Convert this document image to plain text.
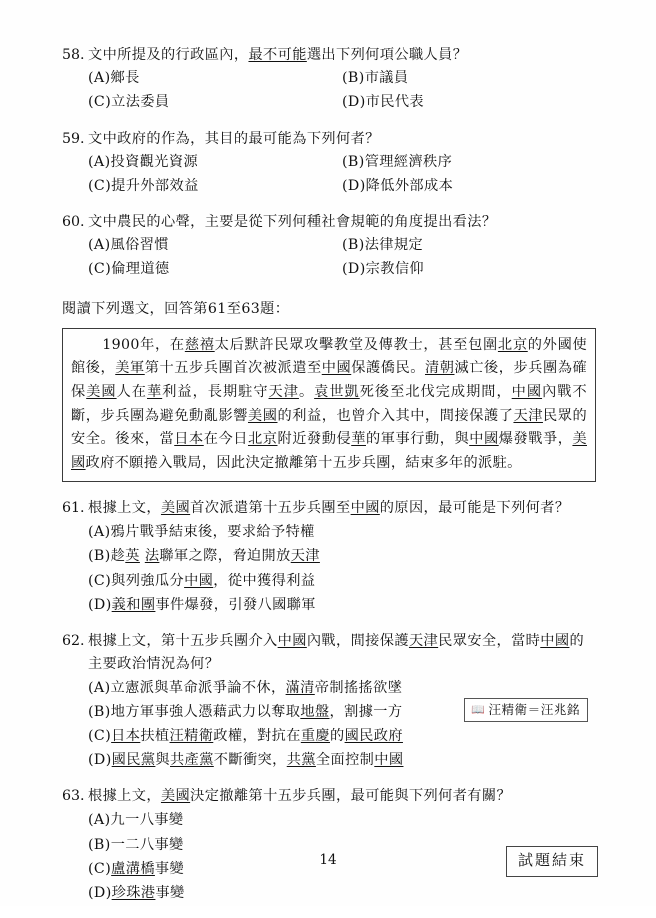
58. 文中所提及的行政區內，最不可能選出下列何項公職人員？
(A)鄉長	(B)市議員
(C)立法委員	(D)市民代表
59. 文中政府的作為，其目的最可能為下列何者？
(A)投資觀光資源	(B)管理經濟秩序
(C)提升外部效益	(D)降低外部成本
60. 文中農民的心聲，主要是從下列何種社會規範的角度提出看法？
(A)風俗習慣	(B)法律規定
(C)倫理道德	(D)宗教信仰
閱讀下列選文，回答第61至63題：
1900年，在慈禧太后默許民眾攻擊教堂及傳教士，甚至包圍北京的外國使館後，美軍第十五步兵團首次被派遣至中國保護僑民。清朝滅亡後，步兵團為確保美國人在華利益，長期駐守天津。袁世凱死後至北伐完成期間，中國內戰不斷，步兵團為避免動亂影響美國的利益，也曾介入其中，間接保護了天津民眾的安全。後來，當日本在今日北京附近發動侵華的軍事行動，與中國爆發戰爭，美國政府不願捲入戰局，因此決定撤離第十五步兵團，結束多年的派駐。
61. 根據上文，美國首次派遣第十五步兵團至中國的原因，最可能是下列何者？
(A)鴉片戰爭結束後，要求給予特權
(B)趁英 法聯軍之際，脅迫開放天津
(C)與列強瓜分中國，從中獲得利益
(D)義和團事件爆發，引發八國聯軍
62. 根據上文，第十五步兵團介入中國內戰，間接保護天津民眾安全，當時中國的主要政治情況為何？
(A)立憲派與革命派爭論不休，滿清帝制搖搖欲墜
(B)地方軍事強人憑藉武力以奪取地盤，割據一方
(C)日本扶植汪精衛政權，對抗在重慶的國民政府
(D)國民黨與共產黨不斷衝突，共黨全面控制中國
📖 汪精衛＝汪兆銘
63. 根據上文，美國決定撤離第十五步兵團，最可能與下列何者有關？
(A)九一八事變
(B)一二八事變
(C)盧溝橋事變
(D)珍珠港事變
14	試題結束
